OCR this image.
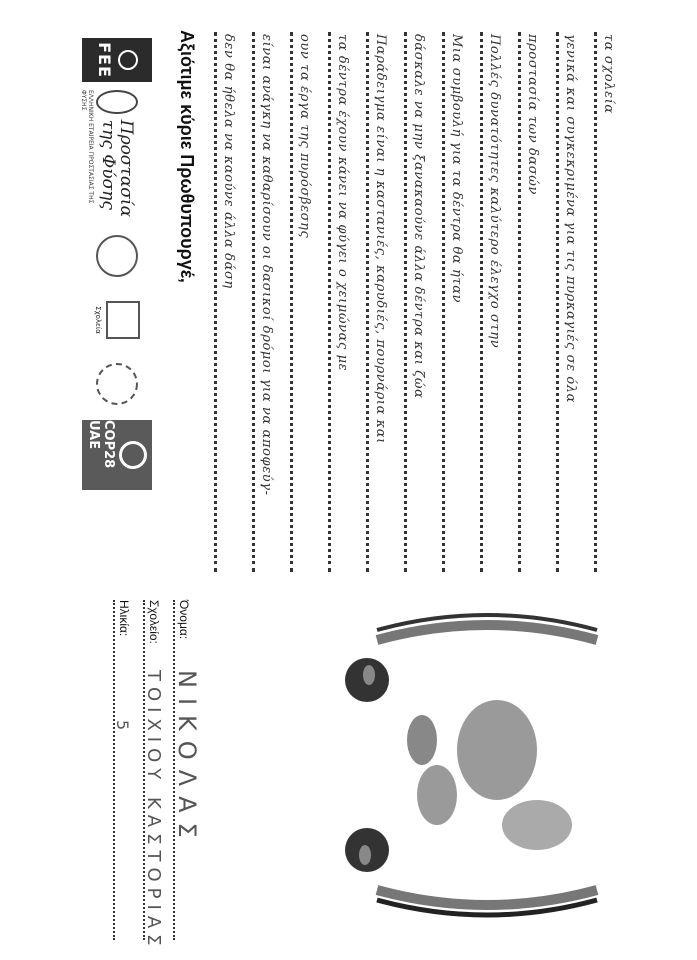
FEE
Προστασία της Φύσης
ΕΛΛΗΝΙΚΗ ΕΤΑΙΡΕΙΑ ΠΡΟΣΤΑΣΙΑΣ ΤΗΣ ΦΥΣΗΣ
Σχολεία
COP28 UAE
Αξιότιμε κύριε Πρωθυπουργέ, δεν θα ήθελα να καούνε άλλα δάση είναι ανάγκη να καθαρίσουν οι δασικοί δρόμοι για να αποφεύγ- ουν τα έργα της πυρόσβεσης τα δέντρα έχουν κάνει να φύγει ο χειμώνας με Παράδειγμα είναι η καστανιές, καρυδιές, πουρνάρια και δάσκαλε να μην ξανακαούνε άλλα δέντρα και ζώα Μια συμβουλή για τα δέντρα θα ήταν Πολλές δυνατότητες καλύτερο έλεγχο στην προστασία των δασών γενικά και συγκεκριμένα για τις πυρκαγιές σε όλα τα σχολεία
Όνομα:
ΝΙΚΟΛΑΣ
Σχολείο:
ΤΟΙΧΙΟΥ ΚΑΣΤΟΡΙΑΣ
Ηλικία:
5
